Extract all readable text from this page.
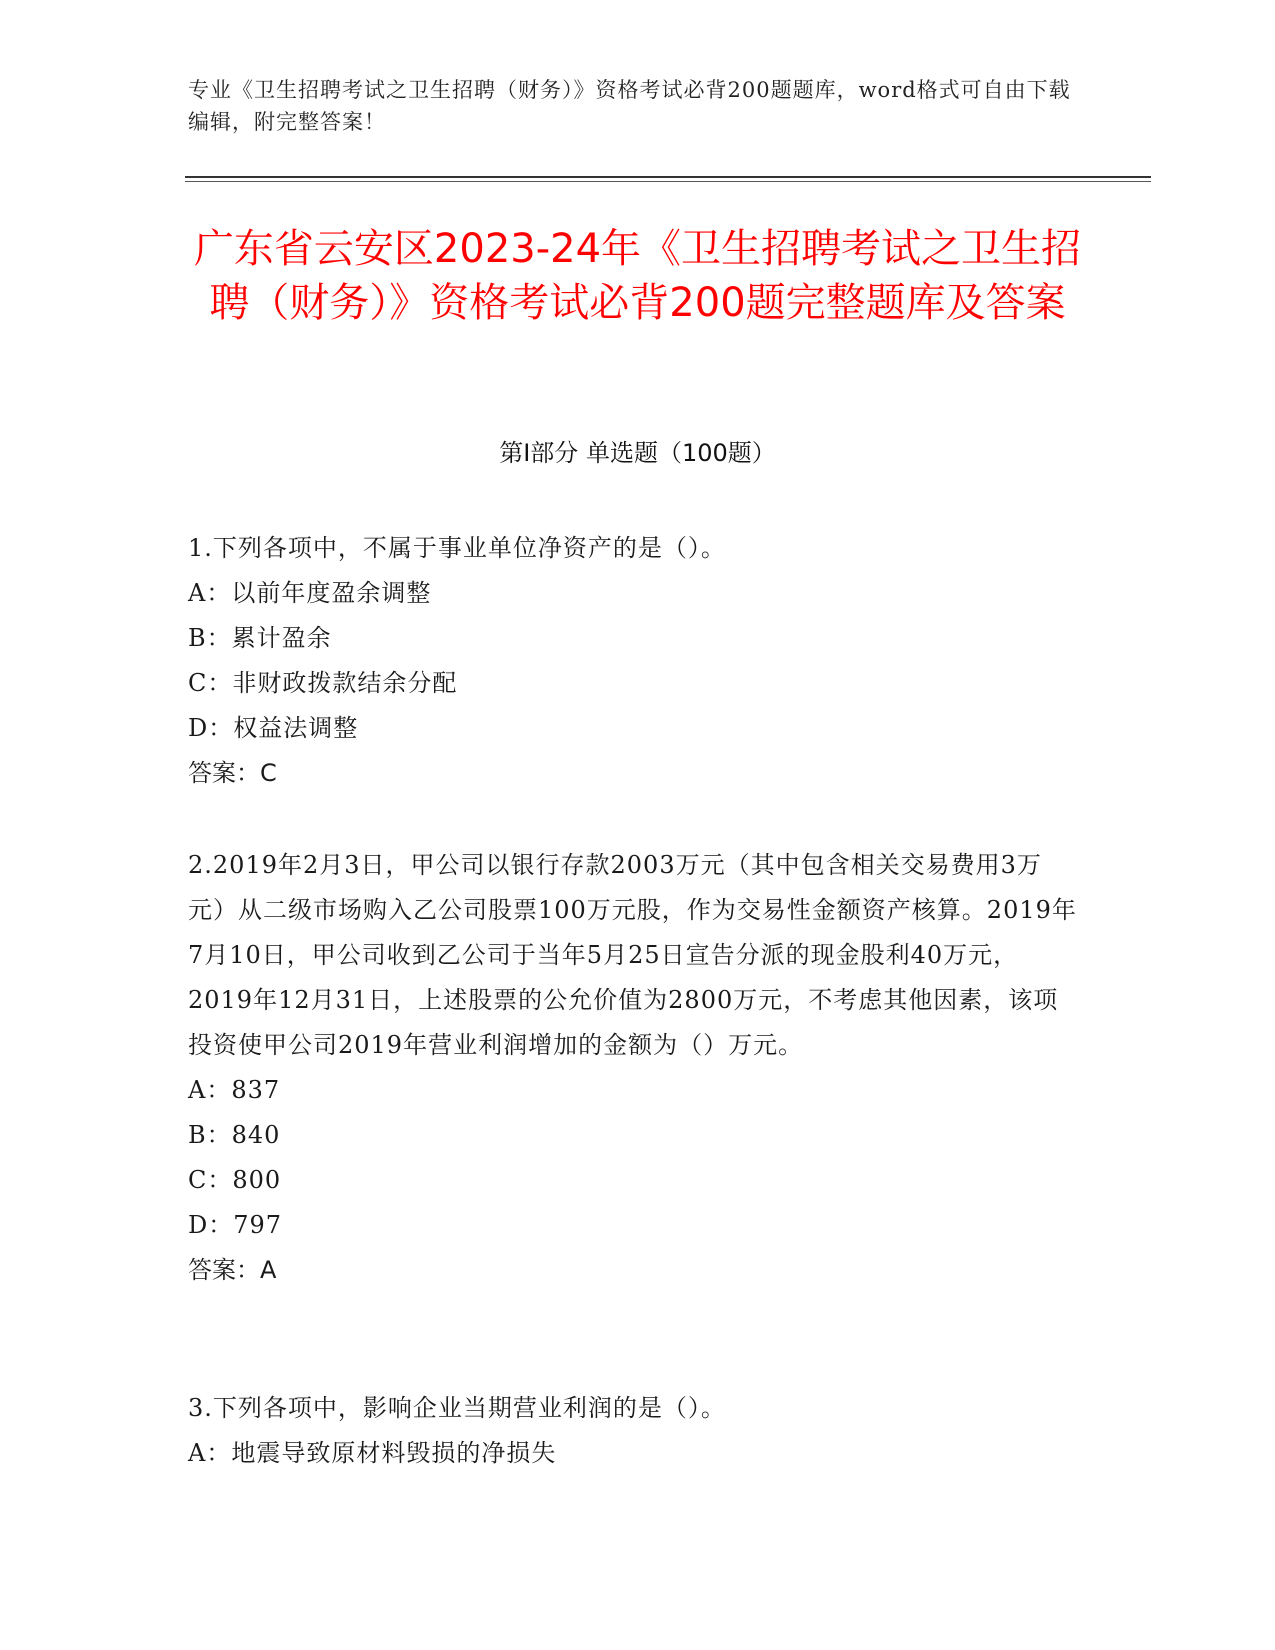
专业《卫生招聘考试之卫生招聘（财务）》资格考试必背200题题库，word格式可自由下载编辑，附完整答案！
广东省云安区2023-24年《卫生招聘考试之卫生招聘（财务）》资格考试必背200题完整题库及答案
第I部分 单选题（100题）
1.下列各项中，不属于事业单位净资产的是（）。
A：以前年度盈余调整
B：累计盈余
C：非财政拨款结余分配
D：权益法调整
答案：C
2.2019年2月3日，甲公司以银行存款2003万元（其中包含相关交易费用3万元）从二级市场购入乙公司股票100万元股，作为交易性金额资产核算。2019年7月10日，甲公司收到乙公司于当年5月25日宣告分派的现金股利40万元，2019年12月31日，上述股票的公允价值为2800万元，不考虑其他因素，该项投资使甲公司2019年营业利润增加的金额为（）万元。
A：837
B：840
C：800
D：797
答案：A
3.下列各项中，影响企业当期营业利润的是（）。
A：地震导致原材料毁损的净损失
